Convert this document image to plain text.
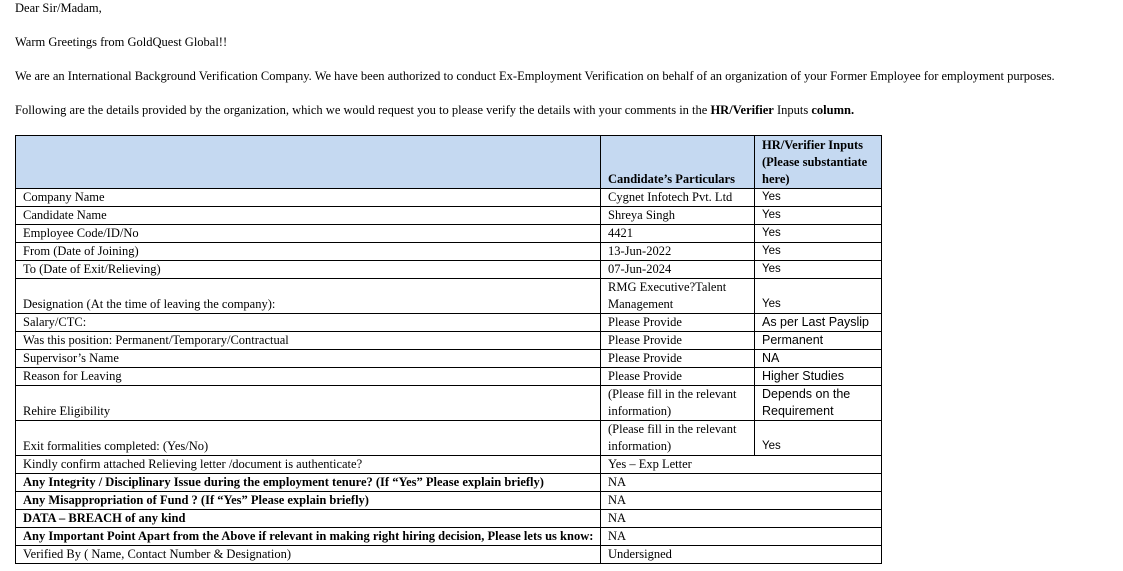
Dear Sir/Madam,

Warm Greetings from GoldQuest Global!!

We are an International Background Verification Company. We have been authorized to conduct Ex-Employment Verification on behalf of an organization of your Former Employee for employment purposes.

Following are the details provided by the organization, which we would request you to please verify the details with your comments in the HR/Verifier Inputs column.

	Candidate’s Particulars	HR/Verifier Inputs (Please substantiate here)
Company Name	Cygnet Infotech Pvt. Ltd	Yes
Candidate Name	Shreya Singh	Yes
Employee Code/ID/No	4421	Yes
From (Date of Joining)	13-Jun-2022	Yes
To (Date of Exit/Relieving)	07-Jun-2024	Yes
Designation (At the time of leaving the company):	RMG Executive?Talent Management	Yes
Salary/CTC:	Please Provide	As per Last Payslip
Was this position: Permanent/Temporary/Contractual	Please Provide	Permanent
Supervisor’s Name	Please Provide	NA
Reason for Leaving	Please Provide	Higher Studies
Rehire Eligibility	(Please fill in the relevant information)	Depends on the Requirement
Exit formalities completed: (Yes/No)	(Please fill in the relevant information)	Yes
Kindly confirm attached Relieving letter /document is authenticate?	Yes – Exp Letter	
Any Integrity / Disciplinary Issue during the employment tenure? (If “Yes” Please explain briefly)	NA	
Any Misappropriation of Fund ? (If “Yes” Please explain briefly)	NA	
DATA – BREACH of any kind	NA	
Any Important Point Apart from the Above if relevant in making right hiring decision, Please lets us know:	NA	
Verified By ( Name, Contact Number & Designation)	Undersigned	
